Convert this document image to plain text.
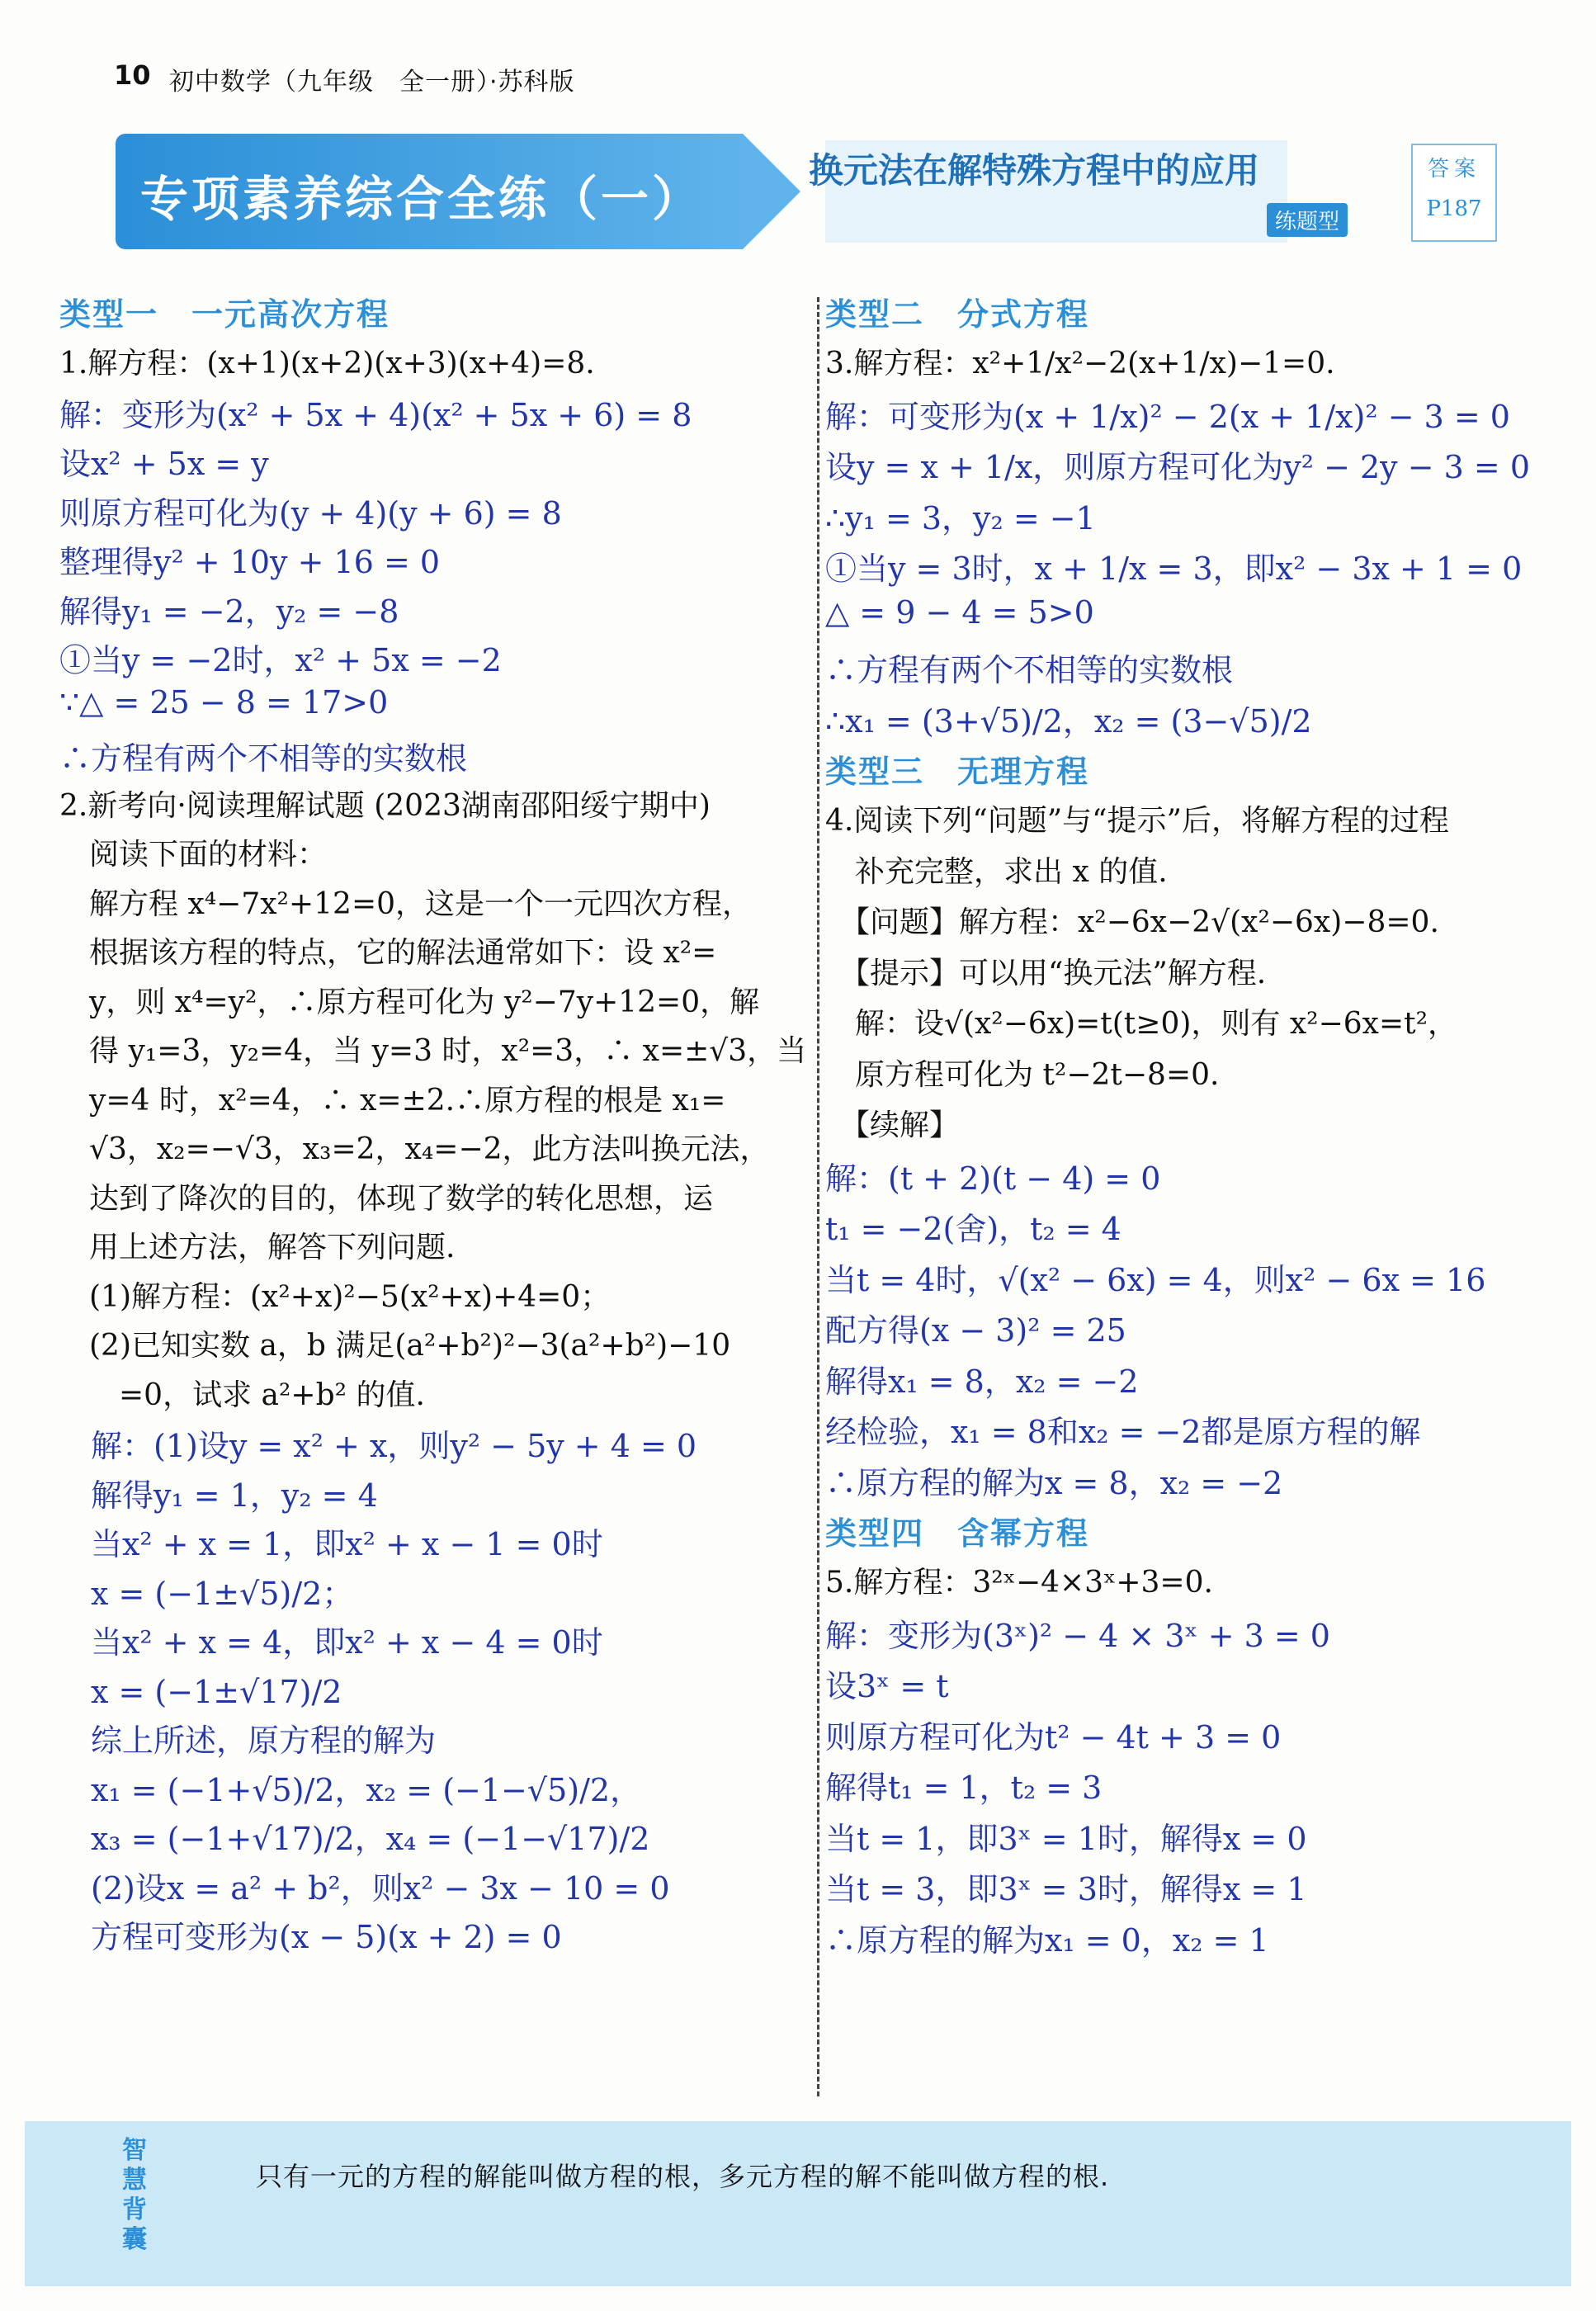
10 初中数学（九年级　全一册）·苏科版
专项素养综合全练（一）
换元法在解特殊方程中的应用
练题型
答案
P187
类型一　一元高次方程
1.解方程：(x+1)(x+2)(x+3)(x+4)=8.
解：变形为(x² + 5x + 4)(x² + 5x + 6) = 8
设x² + 5x = y
则原方程可化为(y + 4)(y + 6) = 8
整理得y² + 10y + 16 = 0
解得y₁ = −2，y₂ = −8
①当y = −2时，x² + 5x = −2
∵△ = 25 − 8 = 17>0
∴方程有两个不相等的实数根
2.新考向·阅读理解试题 (2023湖南邵阳绥宁期中)
　阅读下面的材料：
　解方程 x⁴−7x²+12=0，这是一个一元四次方程，
　根据该方程的特点，它的解法通常如下：设 x²=
　y，则 x⁴=y²，∴原方程可化为 y²−7y+12=0，解
　得 y₁=3，y₂=4，当 y=3 时，x²=3，∴ x=±√3，当
　y=4 时，x²=4，∴ x=±2.∴原方程的根是 x₁=
　√3，x₂=−√3，x₃=2，x₄=−2，此方法叫换元法，
　达到了降次的目的，体现了数学的转化思想，运
　用上述方法，解答下列问题.
　(1)解方程：(x²+x)²−5(x²+x)+4=0；
　(2)已知实数 a，b 满足(a²+b²)²−3(a²+b²)−10
　　=0，试求 a²+b² 的值.
　解：(1)设y = x² + x，则y² − 5y + 4 = 0
　解得y₁ = 1，y₂ = 4
　当x² + x = 1，即x² + x − 1 = 0时
　x = (−1±√5)/2；
　当x² + x = 4，即x² + x − 4 = 0时
　x = (−1±√17)/2
　综上所述，原方程的解为
　x₁ = (−1+√5)/2，x₂ = (−1−√5)/2，
　x₃ = (−1+√17)/2，x₄ = (−1−√17)/2
　(2)设x = a² + b²，则x² − 3x − 10 = 0
　方程可变形为(x − 5)(x + 2) = 0
类型二　分式方程
3.解方程：x²+1/x²−2(x+1/x)−1=0.
解：可变形为(x + 1/x)² − 2(x + 1/x)² − 3 = 0
设y = x + 1/x，则原方程可化为y² − 2y − 3 = 0
∴y₁ = 3，y₂ = −1
①当y = 3时，x + 1/x = 3，即x² − 3x + 1 = 0
△ = 9 − 4 = 5>0
∴方程有两个不相等的实数根
∴x₁ = (3+√5)/2，x₂ = (3−√5)/2
类型三　无理方程
4.阅读下列“问题”与“提示”后，将解方程的过程
　补充完整，求出 x 的值.
　【问题】解方程：x²−6x−2√(x²−6x)−8=0.
　【提示】可以用“换元法”解方程.
　解：设√(x²−6x)=t(t≥0)，则有 x²−6x=t²，
　原方程可化为 t²−2t−8=0.
　【续解】
解：(t + 2)(t − 4) = 0
t₁ = −2(舍)，t₂ = 4
当t = 4时，√(x² − 6x) = 4，则x² − 6x = 16
配方得(x − 3)² = 25
解得x₁ = 8，x₂ = −2
经检验，x₁ = 8和x₂ = −2都是原方程的解
∴原方程的解为x = 8，x₂ = −2
类型四　含幂方程
5.解方程：3²ˣ−4×3ˣ+3=0.
解：变形为(3ˣ)² − 4 × 3ˣ + 3 = 0
设3ˣ = t
则原方程可化为t² − 4t + 3 = 0
解得t₁ = 1，t₂ = 3
当t = 1，即3ˣ = 1时，解得x = 0
当t = 3，即3ˣ = 3时，解得x = 1
∴原方程的解为x₁ = 0，x₂ = 1
智慧背囊
只有一元的方程的解能叫做方程的根，多元方程的解不能叫做方程的根.
